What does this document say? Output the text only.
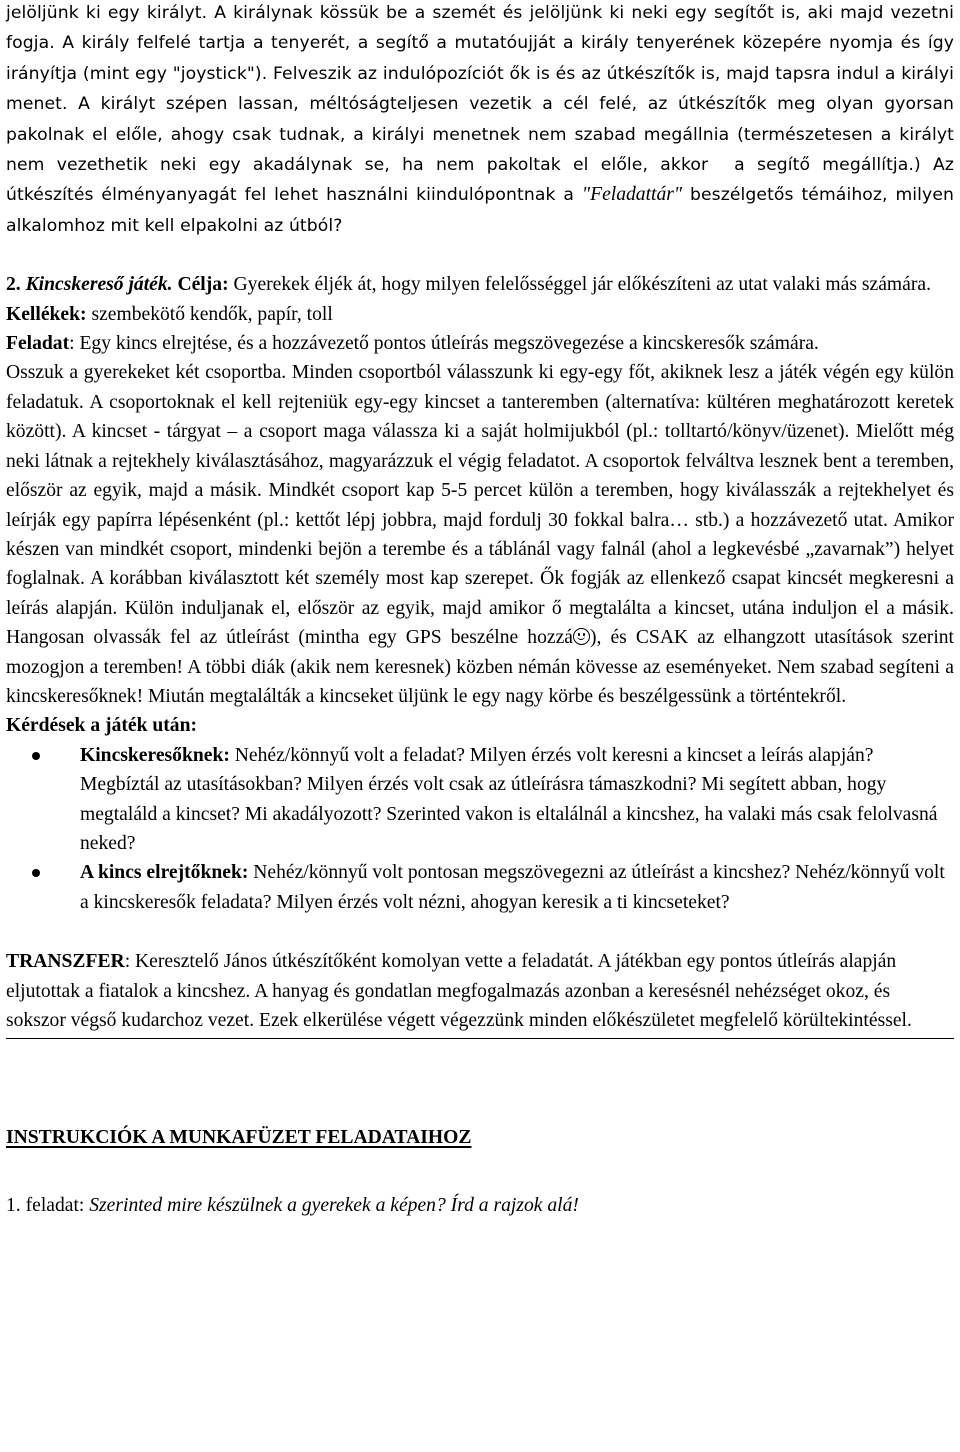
jelöljünk ki egy királyt. A királynak kössük be a szemét és jelöljünk ki neki egy segítőt is, aki majd vezetni fogja. A király felfelé tartja a tenyerét, a segítő a mutatóujját a király tenyerének közepére nyomja és így irányítja (mint egy "joystick"). Felveszik az indulópozíciót ők is és az útkészítők is, majd tapsra indul a királyi menet. A királyt szépen lassan, méltóságteljesen vezetik a cél felé, az útkészítők meg olyan gyorsan pakolnak el előle, ahogy csak tudnak, a királyi menetnek nem szabad megállnia (természetesen a királyt nem vezethetik neki egy akadálynak se, ha nem pakoltak el előle, akkor a segítő megállítja.) Az útkészítés élményanyagát fel lehet használni kiindulópontnak a "Feladattár" beszélgetős témáihoz, milyen alkalomhoz mit kell elpakolni az útból?

2. Kincskereső játék. Célja: Gyerekek éljék át, hogy milyen felelősséggel jár előkészíteni az utat valaki más számára.

Kellékek: szembekötő kendők, papír, toll

Feladat: Egy kincs elrejtése, és a hozzávezető pontos útleírás megszövegezése a kincskeresők számára.

Osszuk a gyerekeket két csoportba. Minden csoportból válasszunk ki egy-egy főt, akiknek lesz a játék végén egy külön feladatuk. A csoportoknak el kell rejteniük egy-egy kincset a tanteremben (alternatíva: kültéren meghatározott keretek között). A kincset - tárgyat – a csoport maga válassza ki a saját holmijukból (pl.: tolltartó/könyv/üzenet). Mielőtt még neki látnak a rejtekhely kiválasztásához, magyarázzuk el végig feladatot. A csoportok felváltva lesznek bent a teremben, először az egyik, majd a másik. Mindkét csoport kap 5-5 percet külön a teremben, hogy kiválasszák a rejtekhelyet és leírják egy papírra lépésenként (pl.: kettőt lépj jobbra, majd fordulj 30 fokkal balra… stb.) a hozzávezető utat. Amikor készen van mindkét csoport, mindenki bejön a terembe és a táblánál vagy falnál (ahol a legkevésbé „zavarnak”) helyet foglalnak. A korábban kiválasztott két személy most kap szerepet. Ők fogják az ellenkező csapat kincsét megkeresni a leírás alapján. Külön induljanak el, először az egyik, majd amikor ő megtalálta a kincset, utána induljon el a másik. Hangosan olvassák fel az útleírást (mintha egy GPS beszélne hozzá ), és CSAK az elhangzott utasítások szerint mozogjon a teremben! A többi diák (akik nem keresnek) közben némán kövesse az eseményeket. Nem szabad segíteni a kincskeresőknek! Miután megtalálták a kincseket üljünk le egy nagy körbe és beszélgessünk a történtekről.

Kérdések a játék után:

Kincskeresőknek: Nehéz/könnyű volt a feladat? Milyen érzés volt keresni a kincset a leírás alapján? Megbíztál az utasításokban? Milyen érzés volt csak az útleírásra támaszkodni? Mi segített abban, hogy megtaláld a kincset? Mi akadályozott? Szerinted vakon is eltalálnál a kincshez, ha valaki más csak felolvasná neked?
A kincs elrejtőknek: Nehéz/könnyű volt pontosan megszövegezni az útleírást a kincshez? Nehéz/könnyű volt a kincskeresők feladata? Milyen érzés volt nézni, ahogyan keresik a ti kincseteket?

TRANSZFER: Keresztelő János útkészítőként komolyan vette a feladatát. A játékban egy pontos útleírás alapján eljutottak a fiatalok a kincshez. A hanyag és gondatlan megfogalmazás azonban a keresésnél nehézséget okoz, és sokszor végső kudarchoz vezet. Ezek elkerülése végett végezzünk minden előkészületet megfelelő körültekintéssel.

INSTRUKCIÓK A MUNKAFÜZET FELADATAIHOZ

1. feladat: Szerinted mire készülnek a gyerekek a képen? Írd a rajzok alá!
